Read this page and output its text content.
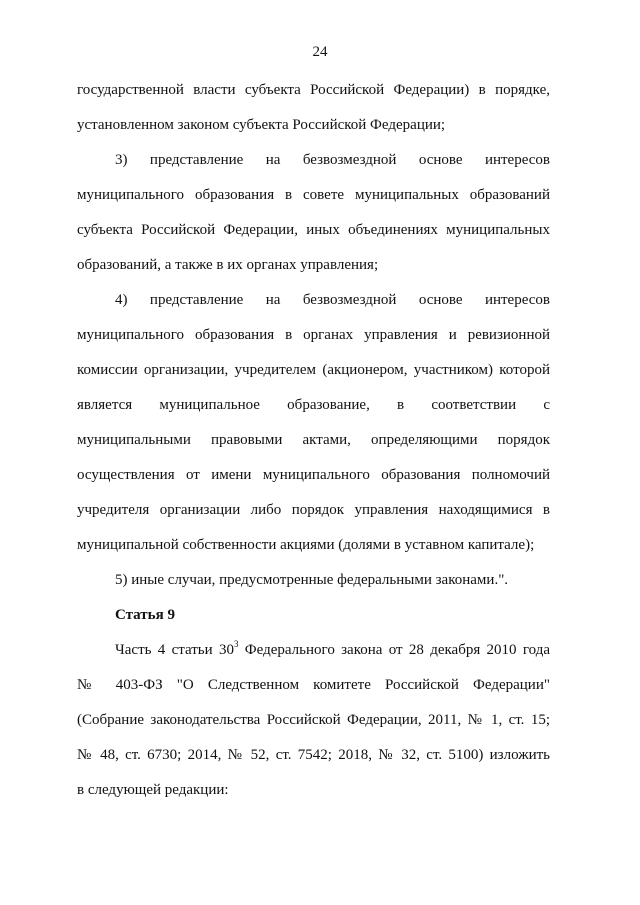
24
государственной власти субъекта Российской Федерации) в порядке,
установленном законом субъекта Российской Федерации;
3) представление на безвозмездной основе интересов
муниципального образования в совете муниципальных образований
субъекта Российской Федерации, иных объединениях муниципальных
образований, а также в их органах управления;
4) представление на безвозмездной основе интересов
муниципального образования в органах управления и ревизионной
комиссии организации, учредителем (акционером, участником) которой
является муниципальное образование, в соответствии с
муниципальными правовыми актами, определяющими порядок
осуществления от имени муниципального образования полномочий
учредителя организации либо порядок управления находящимися в
муниципальной собственности акциями (долями в уставном капитале);
5) иные случаи, предусмотренные федеральными законами.".
Статья 9
Часть 4 статьи $30^3$ Федерального закона от 28 декабря 2010 года
№ 403-ФЗ "О Следственном комитете Российской Федерации"
(Собрание законодательства Российской Федерации, 2011, № 1, ст. 15;
№ 48, ст. 6730; 2014, № 52, ст. 7542; 2018, № 32, ст. 5100) изложить
в следующей редакции:
